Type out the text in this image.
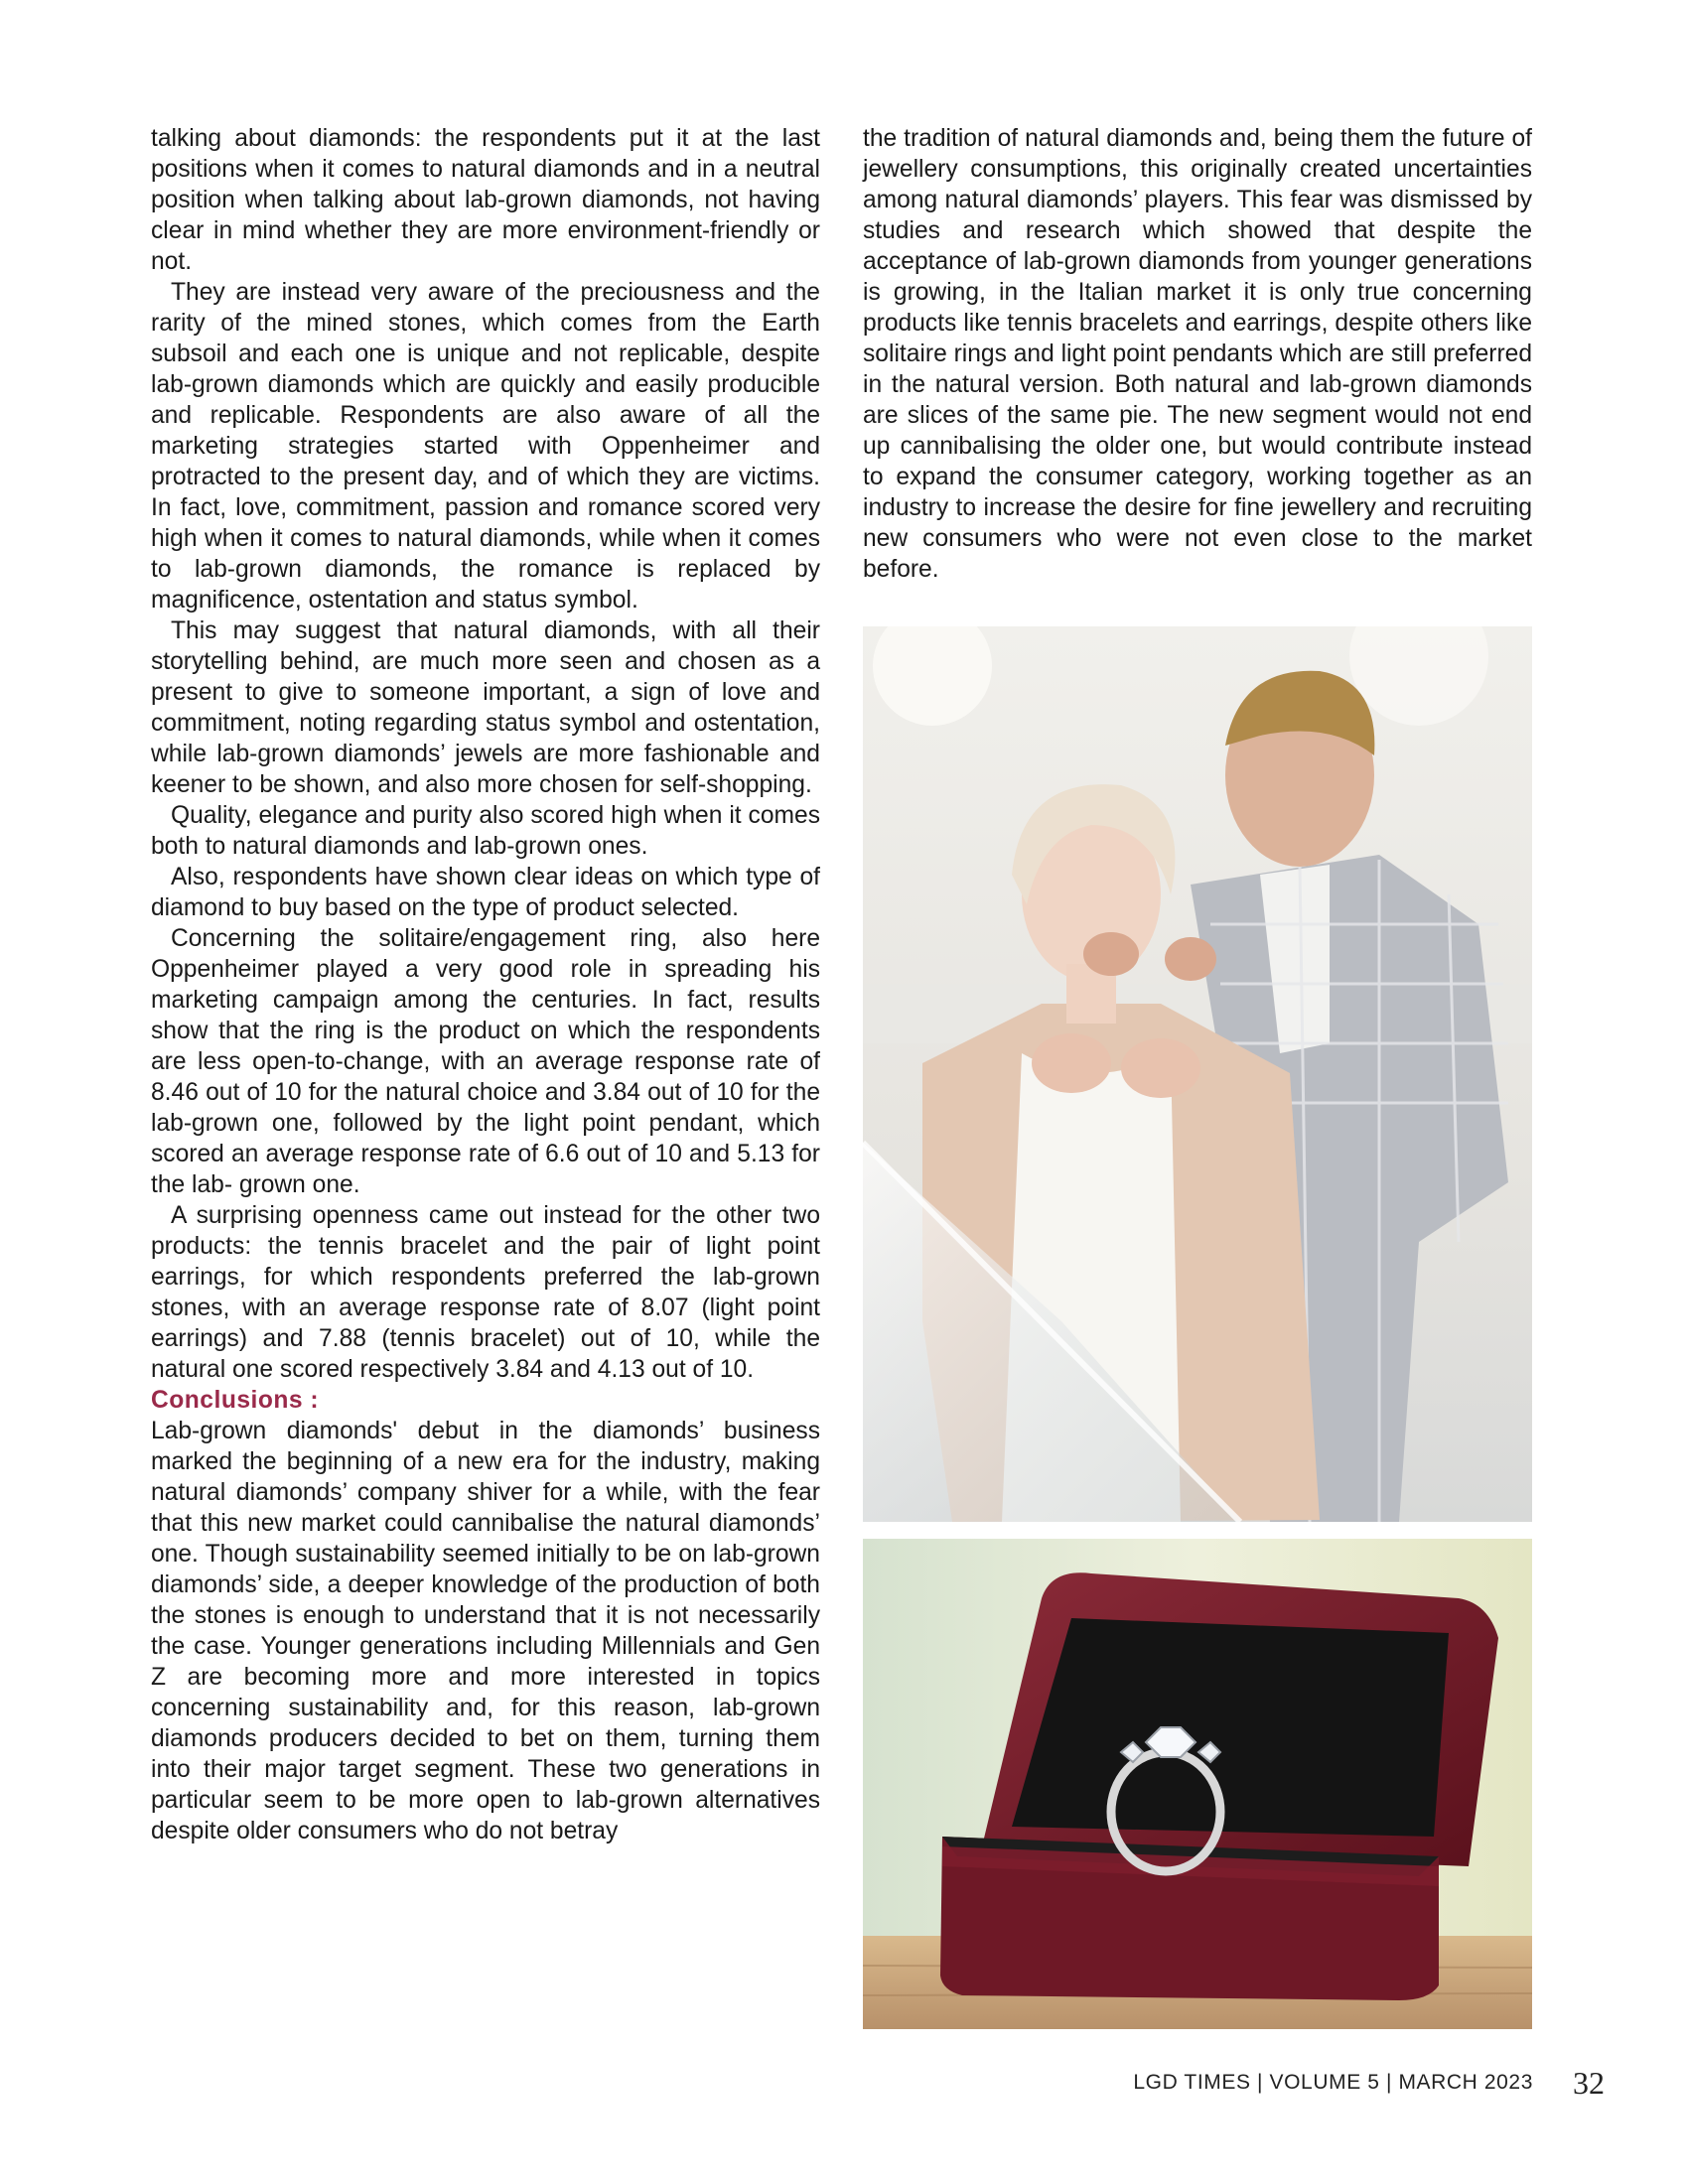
talking about diamonds: the respondents put it at the last positions when it comes to natural diamonds and in a neutral position when talking about lab-grown diamonds, not having clear in mind whether they are more environment-friendly or not.

They are instead very aware of the preciousness and the rarity of the mined stones, which comes from the Earth subsoil and each one is unique and not replicable, despite lab-grown diamonds which are quickly and easily producible and replicable. Respondents are also aware of all the marketing strategies started with Oppenheimer and protracted to the present day, and of which they are victims. In fact, love, commitment, passion and romance scored very high when it comes to natural diamonds, while when it comes to lab-grown diamonds, the romance is replaced by magnificence, ostentation and status symbol.

This may suggest that natural diamonds, with all their storytelling behind, are much more seen and chosen as a present to give to someone important, a sign of love and commitment, noting regarding status symbol and ostentation, while lab-grown diamonds’ jewels are more fashionable and keener to be shown, and also more chosen for self-shopping.

Quality, elegance and purity also scored high when it comes both to natural diamonds and lab-grown ones.

Also, respondents have shown clear ideas on which type of diamond to buy based on the type of product selected.

Concerning the solitaire/engagement ring, also here Oppenheimer played a very good role in spreading his marketing campaign among the centuries. In fact, results show that the ring is the product on which the respondents are less open-to-change, with an average response rate of 8.46 out of 10 for the natural choice and 3.84 out of 10 for the lab-grown one, followed by the light point pendant, which scored an average response rate of 6.6 out of 10 and 5.13 for the lab- grown one.

A surprising openness came out instead for the other two products: the tennis bracelet and the pair of light point earrings, for which respondents preferred the lab-grown stones, with an average response rate of 8.07 (light point earrings) and 7.88 (tennis bracelet) out of 10, while the natural one scored respectively 3.84 and 4.13 out of 10.

Conclusions :

Lab-grown diamonds' debut in the diamonds’ business marked the beginning of a new era for the industry, making natural diamonds’ company shiver for a while, with the fear that this new market could cannibalise the natural diamonds’ one. Though sustainability seemed initially to be on lab-grown diamonds’ side, a deeper knowledge of the production of both the stones is enough to understand that it is not necessarily the case. Younger generations including Millennials and Gen Z are becoming more and more interested in topics concerning sustainability and, for this reason, lab-grown diamonds producers decided to bet on them, turning them into their major target segment. These two generations in particular seem to be more open to lab-grown alternatives despite older consumers who do not betray

the tradition of natural diamonds and, being them the future of jewellery consumptions, this originally created uncertainties among natural diamonds’ players. This fear was dismissed by studies and research which showed that despite the acceptance of lab-grown diamonds from younger generations is growing, in the Italian market it is only true concerning products like tennis bracelets and earrings, despite others like solitaire rings and light point pendants which are still preferred in the natural version. Both natural and lab-grown diamonds are slices of the same pie. The new segment would not end up cannibalising the older one, but would contribute instead to expand the consumer category, working together as an industry to increase the desire for fine jewellery and recruiting new consumers who were not even close to the market before.

LGD TIMES | VOLUME 5 | MARCH 2023 32
